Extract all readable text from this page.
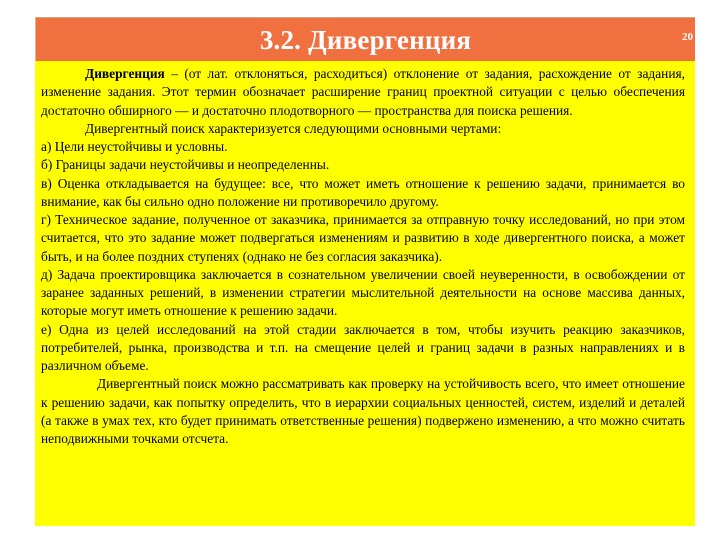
3.2. Дивергенция	20

Дивергенция – (от лат. отклоняться, расходиться) отклонение от задания, расхождение от задания, изменение задания. Этот термин обозначает расширение границ проектной ситуации с целью обеспечения достаточно обширного — и достаточно плодотворного — пространства для поиска решения.

Дивергентный поиск характеризуется следующими основными чертами:

а) Цели неустойчивы и условны.

б) Границы задачи неустойчивы и неопределенны.

в) Оценка откладывается на будущее: все, что может иметь отношение к решению задачи, принимается во внимание, как бы сильно одно положение ни противоречило другому.

г) Техническое задание, полученное от заказчика, принимается за отправную точку исследований, но при этом считается, что это задание может подвергаться изменениям и развитию в ходе дивергентного поиска, а может быть, и на более поздних ступенях (однако не без согласия заказчика).

д) Задача проектировщика заключается в сознательном увеличении своей неуверенности, в освобождении от заранее заданных решений, в изменении стратегии мыслительной деятельности на основе массива данных, которые могут иметь отношение к решению задачи.

е) Одна из целей исследований на этой стадии заключается в том, чтобы изучить реакцию заказчиков, потребителей, рынка, производства и т.п. на смещение целей и границ задачи в разных направлениях и в различном объеме.

Дивергентный поиск можно рассматривать как проверку на устойчивость всего, что имеет отношение к решению задачи, как попытку определить, что в иерархии социальных ценностей, систем, изделий и деталей (а также в умах тех, кто будет принимать ответственные решения) подвержено изменению, а что можно считать неподвижными точками отсчета.
